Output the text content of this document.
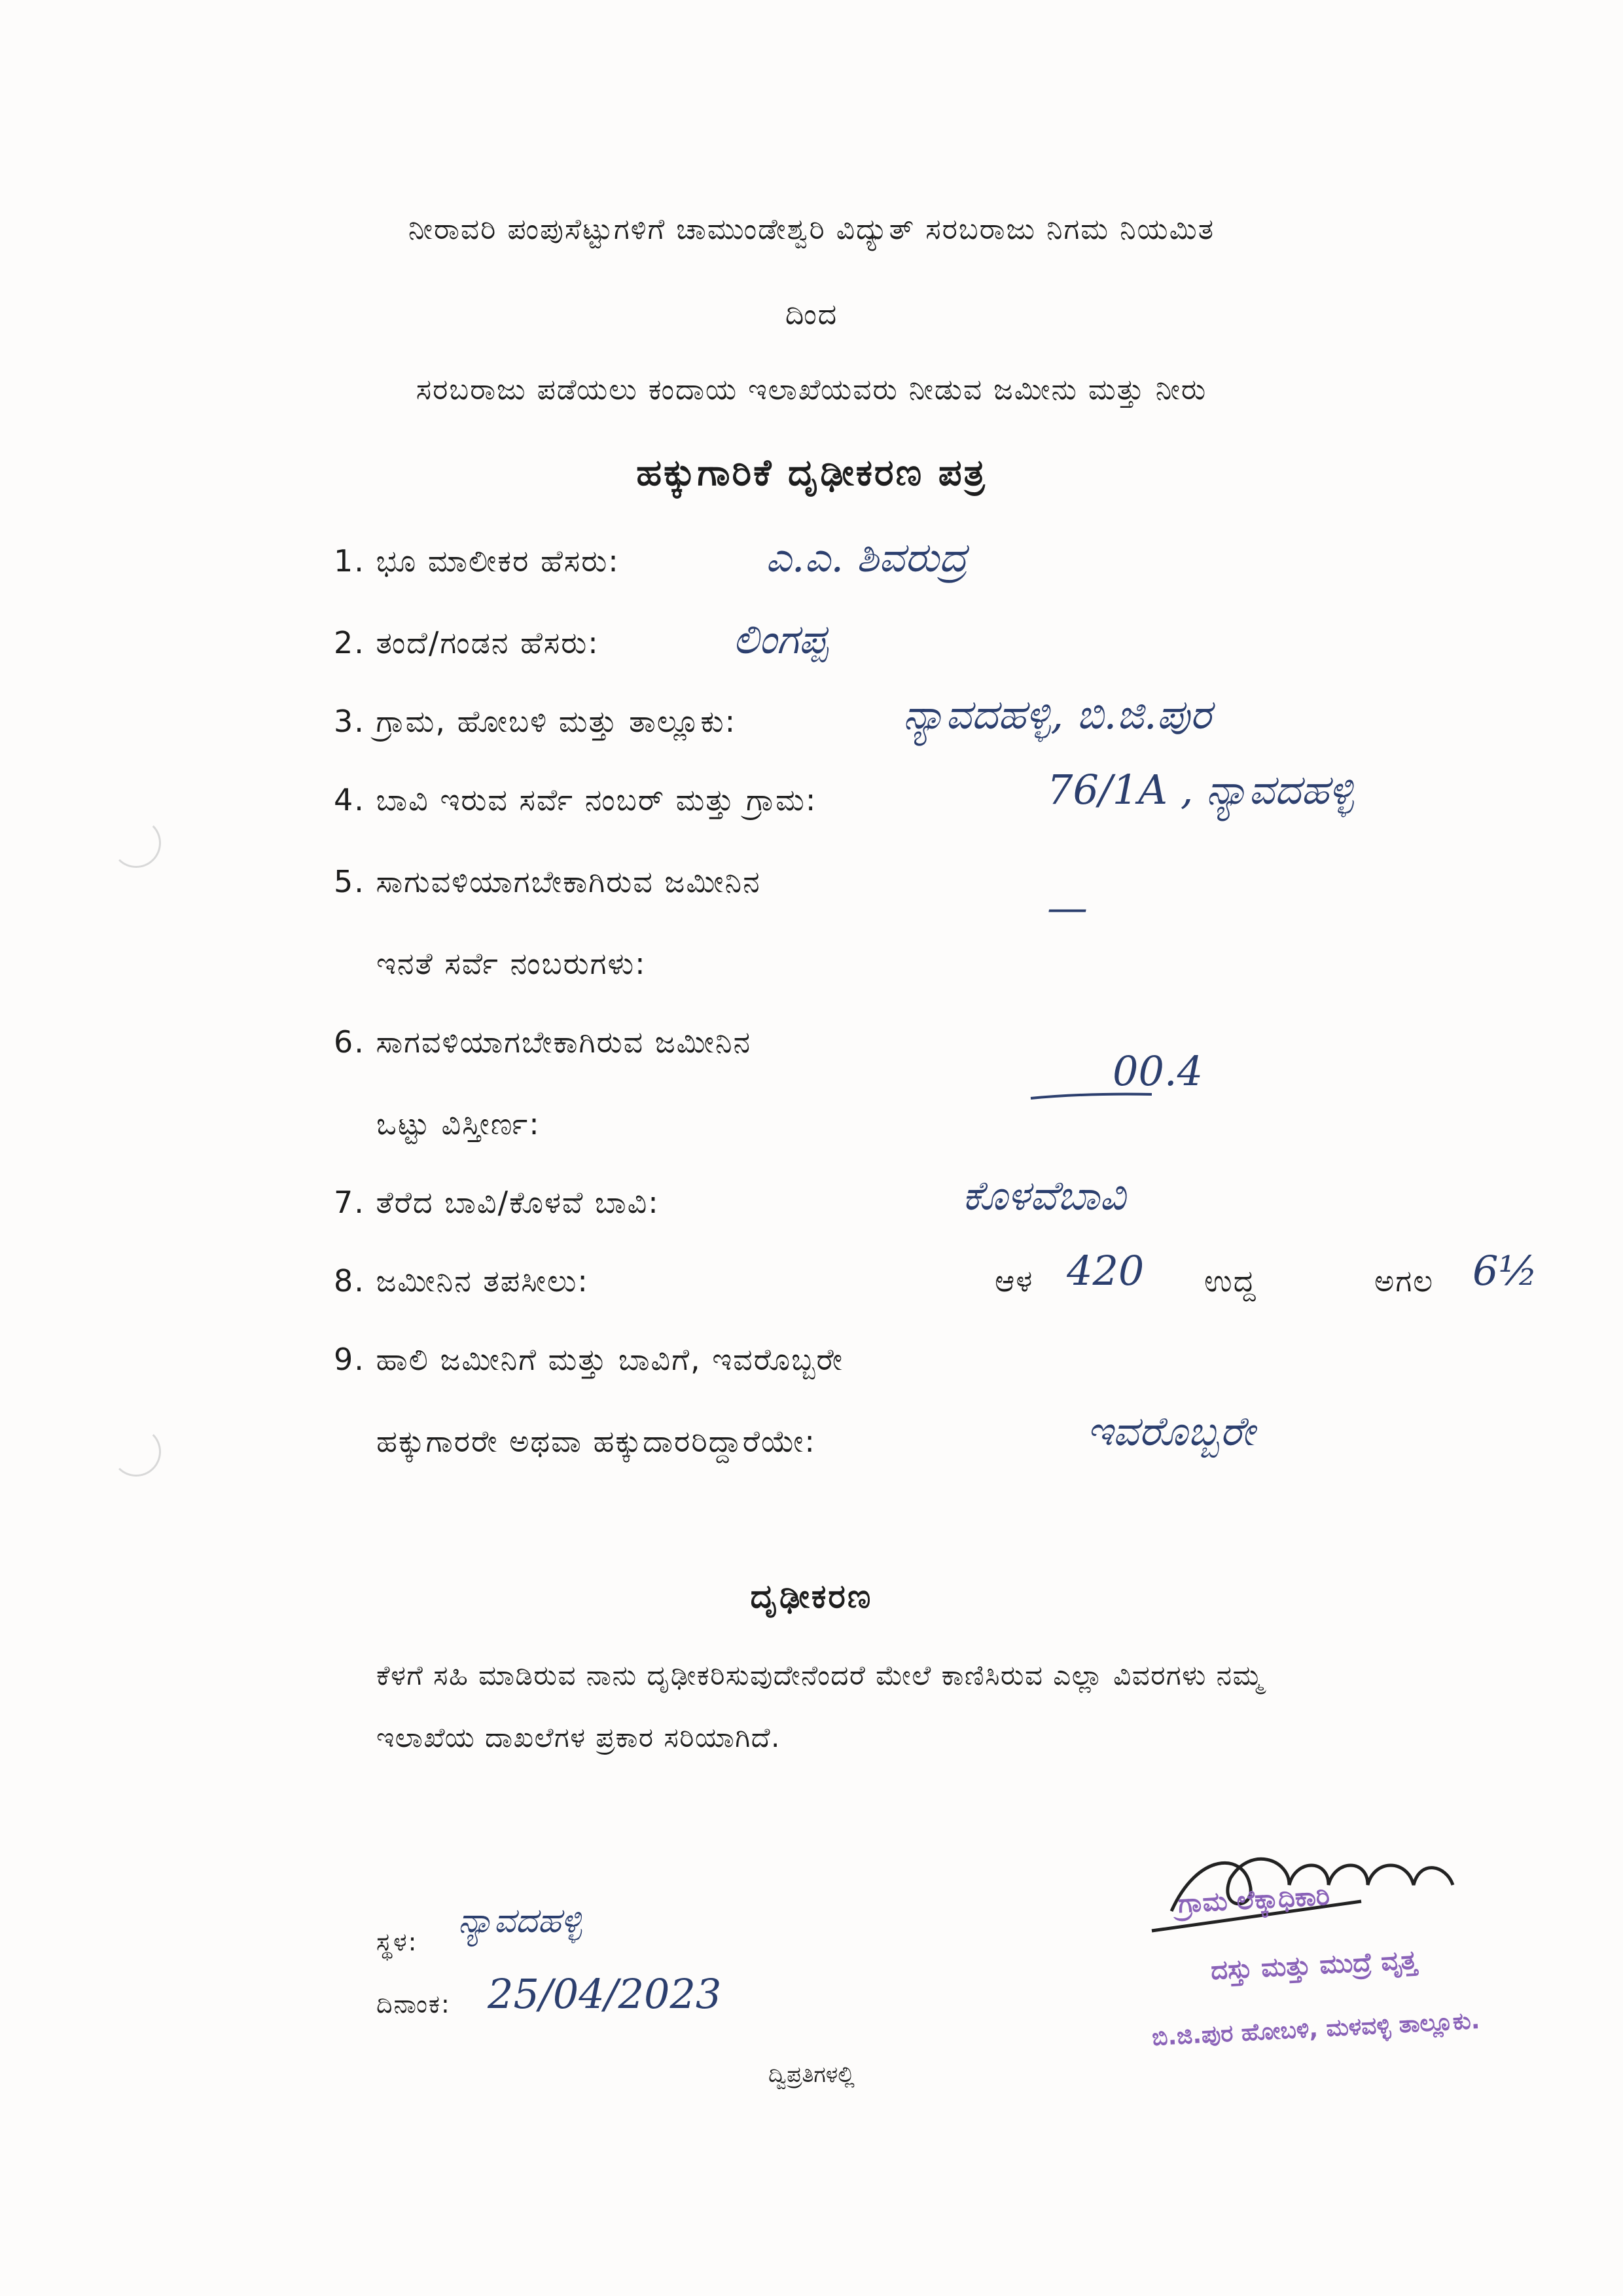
ನೀರಾವರಿ ಪಂಪುಸೆಟ್ಟುಗಳಿಗೆ ಚಾಮುಂಡೇಶ್ವರಿ ವಿದ್ಯುತ್ ಸರಬರಾಜು ನಿಗಮ ನಿಯಮಿತ
ದಿಂದ
ಸರಬರಾಜು ಪಡೆಯಲು ಕಂದಾಯ ಇಲಾಖೆಯವರು ನೀಡುವ ಜಮೀನು ಮತ್ತು ನೀರು
ಹಕ್ಕುಗಾರಿಕೆ ದೃಢೀಕರಣ ಪತ್ರ
1. ಭೂ ಮಾಲೀಕರ ಹೆಸರು:	ಎ.ಎ. ಶಿವರುದ್ರ
2. ತಂದೆ/ಗಂಡನ ಹೆಸರು:	ಲಿಂಗಪ್ಪ
3. ಗ್ರಾಮ, ಹೋಬಳಿ ಮತ್ತು ತಾಲ್ಲೂಕು:	ನ್ಯಾವದಹಳ್ಳಿ, ಬಿ.ಜಿ.ಪುರ
4. ಬಾವಿ ಇರುವ ಸರ್ವೆ ನಂಬರ್ ಮತ್ತು ಗ್ರಾಮ:	76/1A , ನ್ಯಾವದಹಳ್ಳಿ
5. ಸಾಗುವಳಿಯಾಗಬೇಕಾಗಿರುವ ಜಮೀನಿನ
ಇನತೆ ಸರ್ವೆ ನಂಬರುಗಳು:
—
6. ಸಾಗವಳಿಯಾಗಬೇಕಾಗಿರುವ ಜಮೀನಿನ
ಒಟ್ಟು ವಿಸ್ತೀರ್ಣ:
00.4
7. ತೆರೆದ ಬಾವಿ/ಕೊಳವೆ ಬಾವಿ:	ಕೊಳವೆಬಾವಿ
8. ಜಮೀನಿನ ತಪಸೀಲು:	ಆಳ 420 ಉದ್ದ	ಅಗಲ 6½
9. ಹಾಲಿ ಜಮೀನಿಗೆ ಮತ್ತು ಬಾವಿಗೆ, ಇವರೊಬ್ಬರೇ
ಹಕ್ಕುಗಾರರೇ ಅಥವಾ ಹಕ್ಕುದಾರರಿದ್ದಾರೆಯೇ:	ಇವರೊಬ್ಬರೇ
ದೃಢೀಕರಣ
ಕೆಳಗೆ ಸಹಿ ಮಾಡಿರುವ ನಾನು ದೃಢೀಕರಿಸುವುದೇನೆಂದರೆ ಮೇಲೆ ಕಾಣಿಸಿರುವ ಎಲ್ಲಾ ವಿವರಗಳು ನಮ್ಮ
ಇಲಾಖೆಯ ದಾಖಲೆಗಳ ಪ್ರಕಾರ ಸರಿಯಾಗಿದೆ.
ಸ್ಥಳ:
ನ್ಯಾವದಹಳ್ಳಿ
ದಿನಾಂಕ: 25/04/2023
ಗ್ರಾಮ ಲೆಕ್ಕಾಧಿಕಾರಿ
ದಸ್ತು ಮತ್ತು ಮುದ್ರೆ ವೃತ್ತ
ಬಿ.ಜಿ.ಪುರ ಹೋಬಳಿ, ಮಳವಳ್ಳಿ ತಾಲ್ಲೂಕು.
ದ್ವಿಪ್ರತಿಗಳಲ್ಲಿ
